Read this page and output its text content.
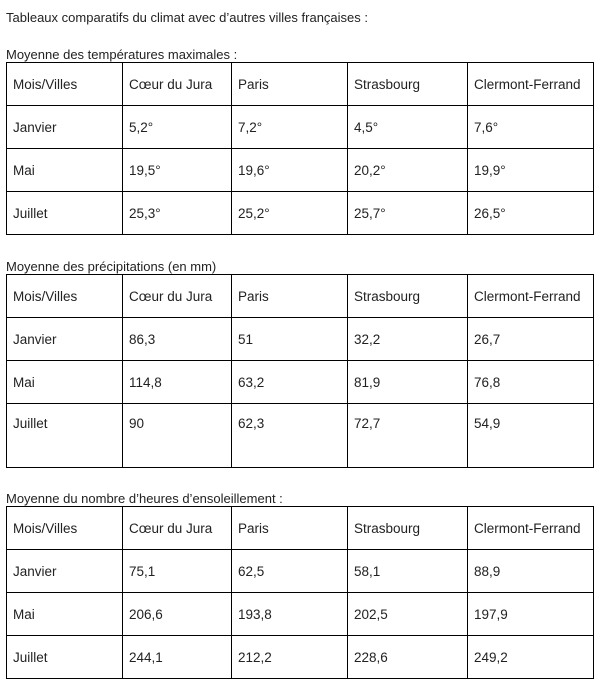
Tableaux comparatifs du climat avec d’autres villes françaises :
Moyenne des températures maximales :
Mois/Villes	Cœur du Jura	Paris	Strasbourg	Clermont-Ferrand
Janvier	5,2°	7,2°	4,5°	7,6°
Mai	19,5°	19,6°	20,2°	19,9°
Juillet	25,3°	25,2°	25,7°	26,5°
Moyenne des précipitations (en mm)
Mois/Villes	Cœur du Jura	Paris	Strasbourg	Clermont-Ferrand
Janvier	86,3	51	32,2	26,7
Mai	114,8	63,2	81,9	76,8
Juillet	90	62,3	72,7	54,9
Moyenne du nombre d’heures d’ensoleillement :
Mois/Villes	Cœur du Jura	Paris	Strasbourg	Clermont-Ferrand
Janvier	75,1	62,5	58,1	88,9
Mai	206,6	193,8	202,5	197,9
Juillet	244,1	212,2	228,6	249,2
